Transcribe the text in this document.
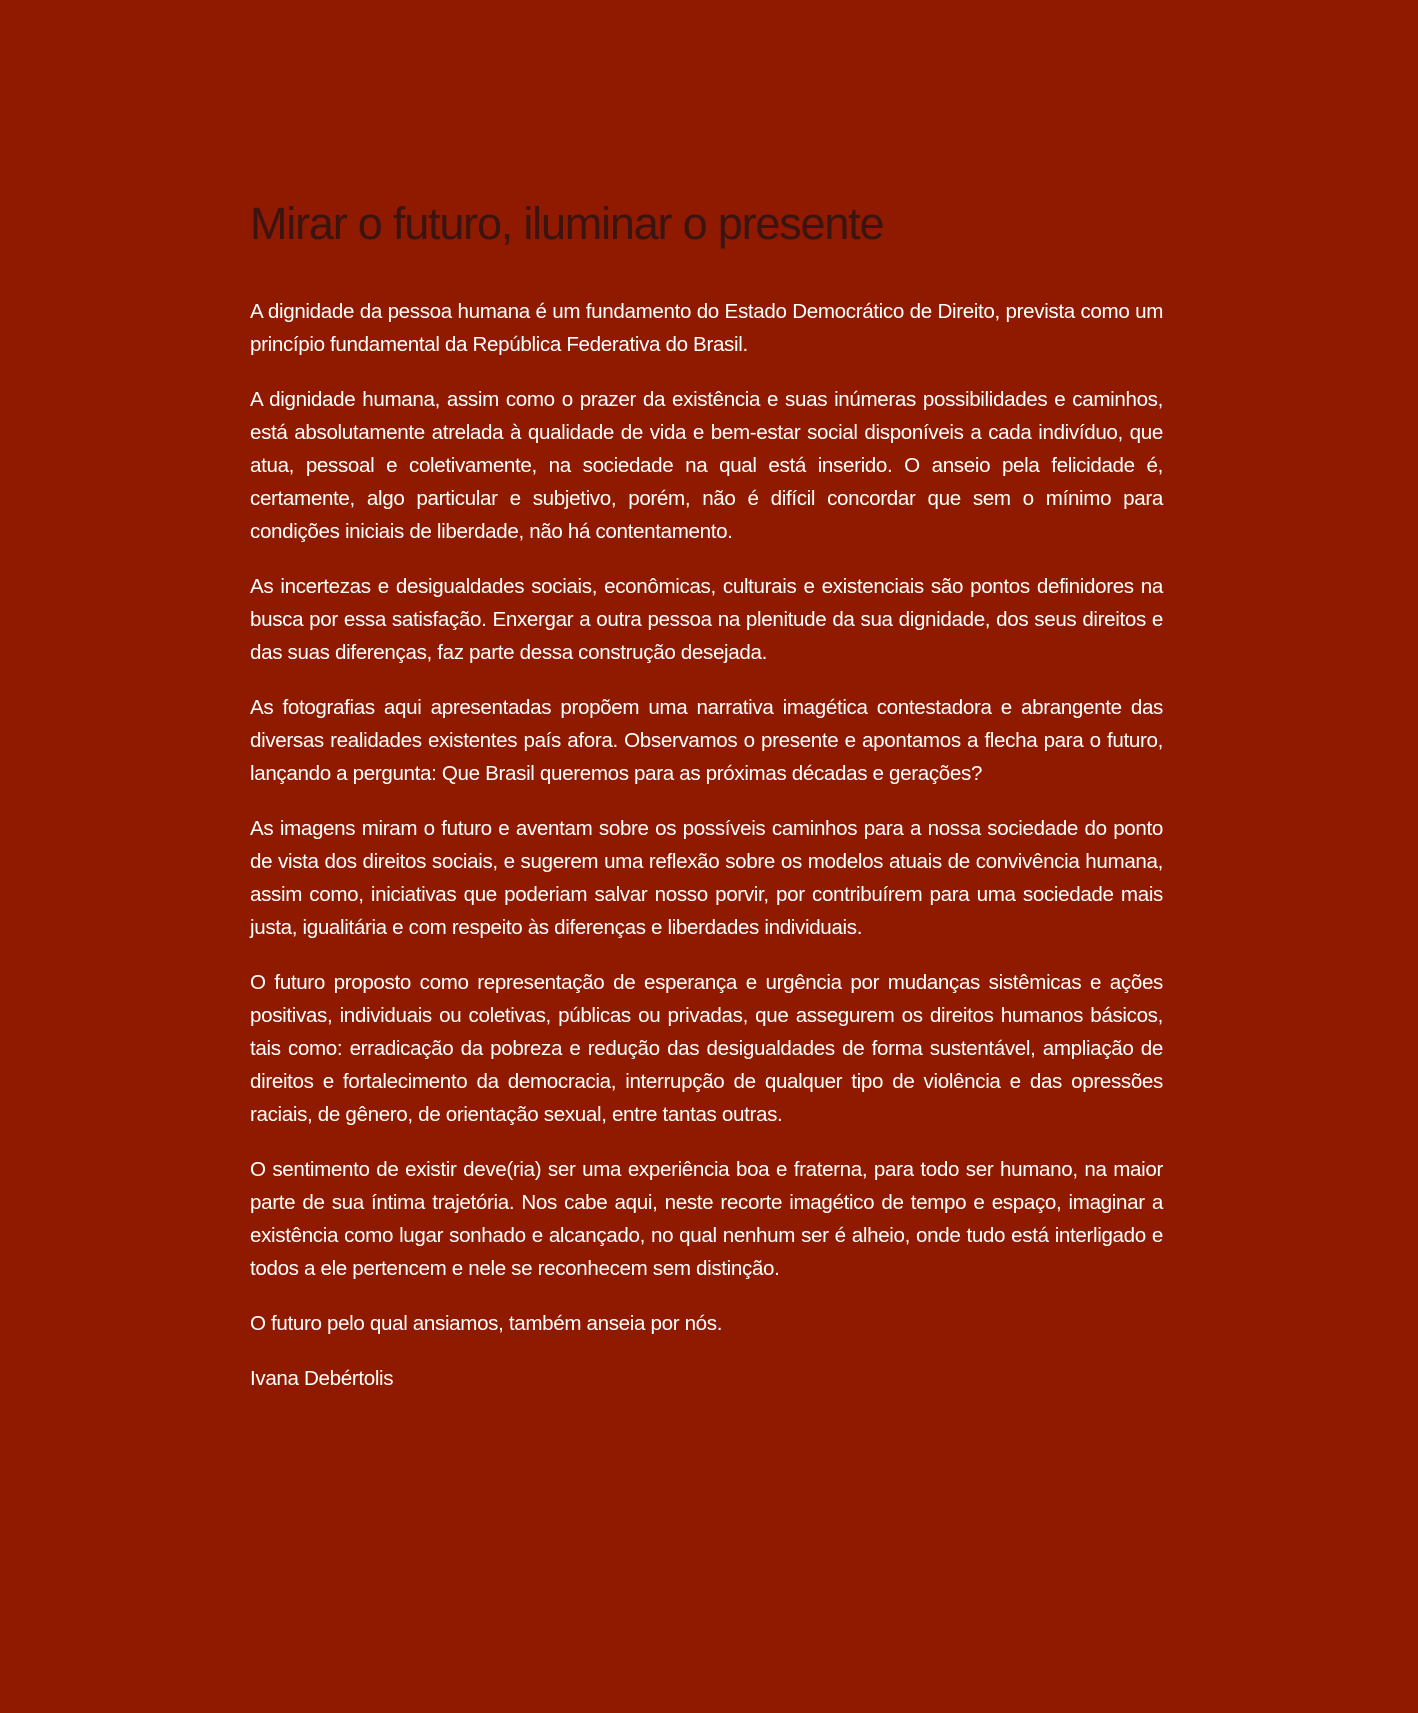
Mirar o futuro, iluminar o presente

A dignidade da pessoa humana é um fundamento do Estado Democrático de Direito, prevista como um princípio fundamental da República Federativa do Brasil.

A dignidade humana, assim como o prazer da existência e suas inúmeras possibilidades e caminhos, está absolutamente atrelada à qualidade de vida e bem-estar social disponíveis a cada indivíduo, que atua, pessoal e coletivamente, na sociedade na qual está inserido. O anseio pela felicidade é, certamente, algo particular e subjetivo, porém, não é difícil concordar que sem o mínimo para condições iniciais de liberdade, não há contentamento.

As incertezas e desigualdades sociais, econômicas, culturais e existenciais são pontos definidores na busca por essa satisfação. Enxergar a outra pessoa na plenitude da sua dignidade, dos seus direitos e das suas diferenças, faz parte dessa construção desejada.

As fotografias aqui apresentadas propõem uma narrativa imagética contestadora e abrangente das diversas realidades existentes país afora. Observamos o presente e apontamos a flecha para o futuro, lançando a pergunta: Que Brasil queremos para as próximas décadas e gerações?

As imagens miram o futuro e aventam sobre os possíveis caminhos para a nossa sociedade do ponto de vista dos direitos sociais, e sugerem uma reflexão sobre os modelos atuais de convivência humana, assim como, iniciativas que poderiam salvar nosso porvir, por contribuírem para uma sociedade mais justa, igualitária e com respeito às diferenças e liberdades individuais.

O futuro proposto como representação de esperança e urgência por mudanças sistêmicas e ações positivas, individuais ou coletivas, públicas ou privadas, que assegurem os direitos humanos básicos, tais como: erradicação da pobreza e redução das desigualdades de forma sustentável, ampliação de direitos e fortalecimento da democracia, interrupção de qualquer tipo de violência e das opressões raciais, de gênero, de orientação sexual, entre tantas outras.

O sentimento de existir deve(ria) ser uma experiência boa e fraterna, para todo ser humano, na maior parte de sua íntima trajetória. Nos cabe aqui, neste recorte imagético de tempo e espaço, imaginar a existência como lugar sonhado e alcançado, no qual nenhum ser é alheio, onde tudo está interligado e todos a ele pertencem e nele se reconhecem sem distinção.

O futuro pelo qual ansiamos, também anseia por nós.

Ivana Debértolis
